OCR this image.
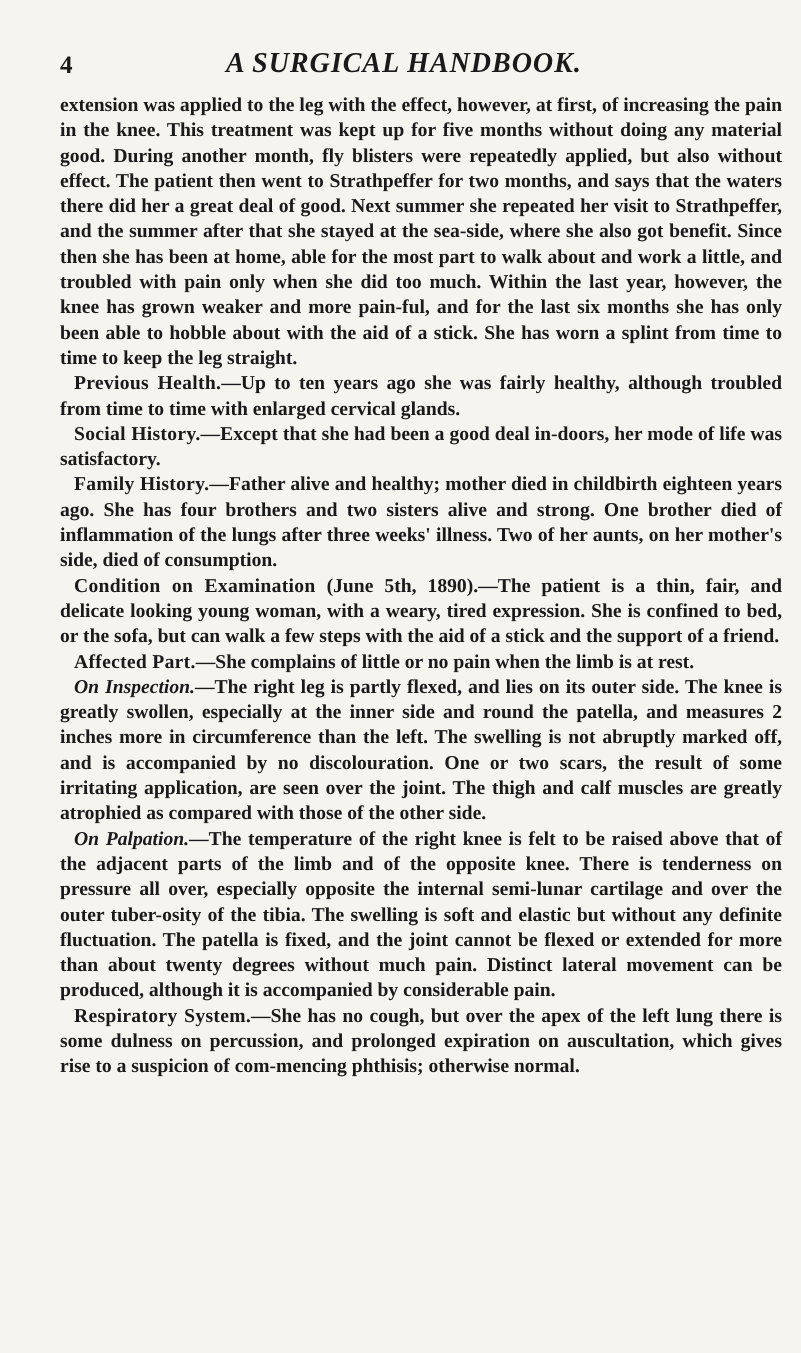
4	A SURGICAL HANDBOOK.

extension was applied to the leg with the effect, however, at first, of increasing the pain in the knee. This treatment was kept up for five months without doing any material good. During another month, fly blisters were repeatedly applied, but also without effect. The patient then went to Strathpeffer for two months, and says that the waters there did her a great deal of good. Next summer she repeated her visit to Strathpeffer, and the summer after that she stayed at the sea-side, where she also got benefit. Since then she has been at home, able for the most part to walk about and work a little, and troubled with pain only when she did too much. Within the last year, however, the knee has grown weaker and more pain-ful, and for the last six months she has only been able to hobble about with the aid of a stick. She has worn a splint from time to time to keep the leg straight.

Previous Health.—Up to ten years ago she was fairly healthy, although troubled from time to time with enlarged cervical glands.

Social History.—Except that she had been a good deal in-doors, her mode of life was satisfactory.

Family History.—Father alive and healthy; mother died in childbirth eighteen years ago. She has four brothers and two sisters alive and strong. One brother died of inflammation of the lungs after three weeks' illness. Two of her aunts, on her mother's side, died of consumption.

Condition on Examination (June 5th, 1890).—The patient is a thin, fair, and delicate looking young woman, with a weary, tired expression. She is confined to bed, or the sofa, but can walk a few steps with the aid of a stick and the support of a friend.

Affected Part.—She complains of little or no pain when the limb is at rest.

On Inspection.—The right leg is partly flexed, and lies on its outer side. The knee is greatly swollen, especially at the inner side and round the patella, and measures 2 inches more in circumference than the left. The swelling is not abruptly marked off, and is accompanied by no discolouration. One or two scars, the result of some irritating application, are seen over the joint. The thigh and calf muscles are greatly atrophied as compared with those of the other side.

On Palpation.—The temperature of the right knee is felt to be raised above that of the adjacent parts of the limb and of the opposite knee. There is tenderness on pressure all over, especially opposite the internal semi-lunar cartilage and over the outer tuber-osity of the tibia. The swelling is soft and elastic but without any definite fluctuation. The patella is fixed, and the joint cannot be flexed or extended for more than about twenty degrees without much pain. Distinct lateral movement can be produced, although it is accompanied by considerable pain.

Respiratory System.—She has no cough, but over the apex of the left lung there is some dulness on percussion, and prolonged expiration on auscultation, which gives rise to a suspicion of com-mencing phthisis; otherwise normal.
